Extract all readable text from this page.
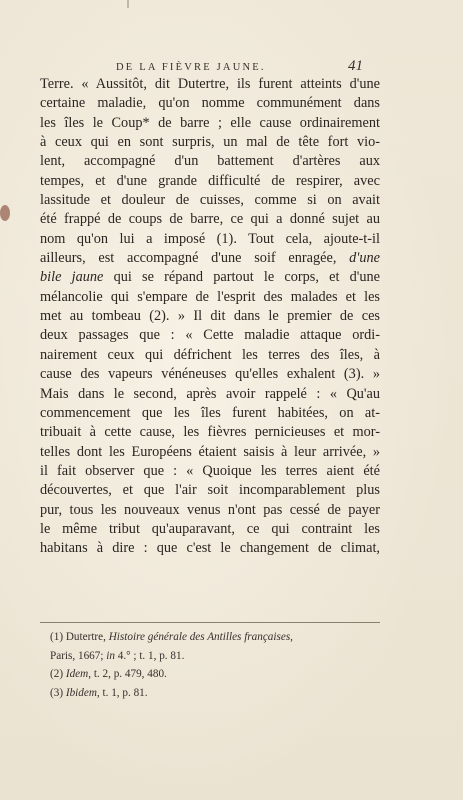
DE LA FIÈVRE JAUNE.	41
Terre. « Aussitôt, dit Dutertre, ils furent atteints d'une
certaine maladie, qu'on nomme communément dans
les îles le Coup* de barre ; elle cause ordinairement
à ceux qui en sont surpris, un mal de tête fort vio-
lent, accompagné d'un battement d'artères aux
tempes, et d'une grande difficulté de respirer, avec
lassitude et douleur de cuisses, comme si on avait
été frappé de coups de barre, ce qui a donné sujet au
nom qu'on lui a imposé (1). Tout cela, ajoute-t-il
ailleurs, est accompagné d'une soif enragée, d'une
bile jaune qui se répand partout le corps, et d'une
mélancolie qui s'empare de l'esprit des malades et les
met au tombeau (2). » Il dit dans le premier de ces
deux passages que : « Cette maladie attaque ordi-
nairement ceux qui défrichent les terres des îles, à
cause des vapeurs vénéneuses qu'elles exhalent (3). »
Mais dans le second, après avoir rappelé : « Qu'au
commencement que les îles furent habitées, on at-
tribuait à cette cause, les fièvres pernicieuses et mor-
telles dont les Européens étaient saisis à leur arrivée, »
il fait observer que : « Quoique les terres aient été
découvertes, et que l'air soit incomparablement plus
pur, tous les nouveaux venus n'ont pas cessé de payer
le même tribut qu'auparavant, ce qui contraint les
habitans à dire : que c'est le changement de climat,
(1) Dutertre, Histoire générale des Antilles françaises,
Paris, 1667; in 4.° ; t. 1, p. 81.
(2) Idem, t. 2, p. 479, 480.
(3) Ibidem, t. 1, p. 81.
